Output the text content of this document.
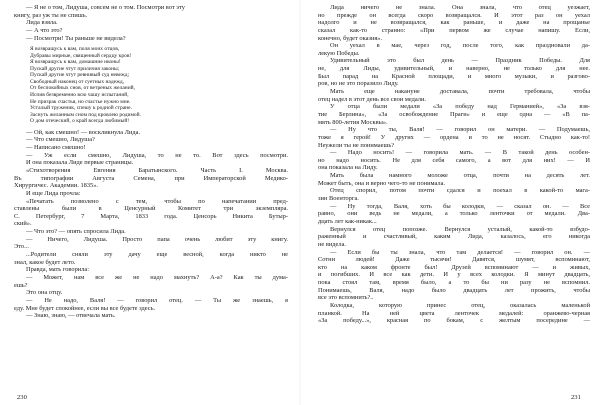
— Я не о том, Лидуша, совсем не о том. Посмотри вот эту
книгу, раз уж ты не спишь.
Лида взяла.
— А что это?
— Посмотри! Ты раньше не видела?
Я возвращусь к вам, поля моих отцов,
Дубравы мирные, священный сердцу кров!
Я возвращусь к вам, домашние иконы!
Пускай другие чтут приличия законы;
Пускай другие чтут ревнивый суд невежд;
Свободный наконец от суетных надежд,
От беспокойных снов, от ветреных желаний,
Испив безвременно всю чашу испытаний,
Не призрак счастья, но счастье нужно мне.
Усталый труженик, спешу к родной стране.
Заснуть желанным сном под кровлею родимой.
О дом отеческий, о край всегда любимый!
— Ой, как смешно! — воскликнула Лида.
— Что смешно, Лидуша?
— Написано смешно!
— Уж если смешно, Лидуша, то не то. Вот здесь посмотри.
И она показала Лиде первые страницы.
«Стихотворения Евгения Баратынского. Часть I. Москва.
Въ типографии Августа Семена, при Императорской Медико-
Хирургичес. Академии. 1835».
И еще Лида прочла:
«Печатать позволено с тем, чтобы по напечатании пред-
ставлены были в Ценсурный Комитет три экземпляра.
С. Петербург, 7 Марта, 1833 года. Ценсорь Никита Бутыр-
ский».
— Что это? — опять спросила Лида.
— Ничего, Лидуша. Просто папа очень любит эту книгу.
Это...
...Родители сняли эту дачу еще весной, когда никто не
знал, какое будет лето.
Правда, мать говорила:
— Может, нам все же не надо махнуть? А-а? Как ты дума-
ешь?
Это она отцу.
— Не надо, Валя! — говорил отец. — Ты же знаешь, я
еду. Мне будет спокойнее, если вы все будете здесь.
— Знаю, знаю, — отвечала мать.
Лида ничего не знала. Она знала, что отец уезжает,
но прежде он всегда скоро возвращался. И этот раз он уехал
надолго и не возвращался, как раньше, и даже на прощанье
сказал как-то странно: «При первом же случае напишу. Если,
конечно, будет оказия».
Он уехал в мае, через год, после того, как праздновали да-
лекую Победы.
Удивительный это был день — Праздник Победы. Для
не, для Лиды, удивительный, и наверно, не только для нее.
Был парад на Красной площади, и много музыки, и разгово-
ров, но не это поразило Лиду.
Мать еще накануне доставала, почти требовала, чтобы
отец надел в этот день все свои медали.
У отца были медали «За победу над Германией», «За взя-
тие Берлина», «За освобождение Праги» и еще одна — «В па-
мять 800-летия Москвы».
— Ну что ты, Валя! — говорил он матери. — Подумаешь,
тоже я герой! У других — ордена и то не носят. Стыдно как-то!
Неужели ты не понимаешь?
— Надо носить! — говорила мать. — В такой день особен-
но надо носить. Не для себя самого, а вот для них! — И
она показала на Лиду.
Мать была намного моложе отца, почти на десять лет.
Может быть, она и верно чего-то не понимала.
Отец спорил, потом почти сдался и поехал в какой-то мага-
зин Военторга.
— Ну тогда, Валя, хоть бы колодки, — сказал он. — Все
равно, они ведь не медали, а только ленточки от медали. Два-
дцать лет как-никак...
Вернулся отец попозже. Вернулся усталый, какой-то взбудо-
раженный и счастливый, каким Лида, казалось, его никогда
не видела.
— Если бы ты знала, что там делается! — говорил он. —
Сотни людей! Даже тысячи! Давятся, шумят, вспоминают,
кто на каком фронте был! Друзей вспоминают — и живых,
и погибших. И все как дети. И у всех колодки. Я минут двадцать,
пока стоял там, время было, а то бы ни разу не вспомнил.
Понимаешь, Валя, надо было двадцать лет прожить, чтобы
все это вспомнить?..
Колодка, которую принес отец, оказалась маленькой
планкой. На ней цвета ленточек медалей: оранжево-черная
«За победу...», красная по бокам, с желтым посередине —
230	231
